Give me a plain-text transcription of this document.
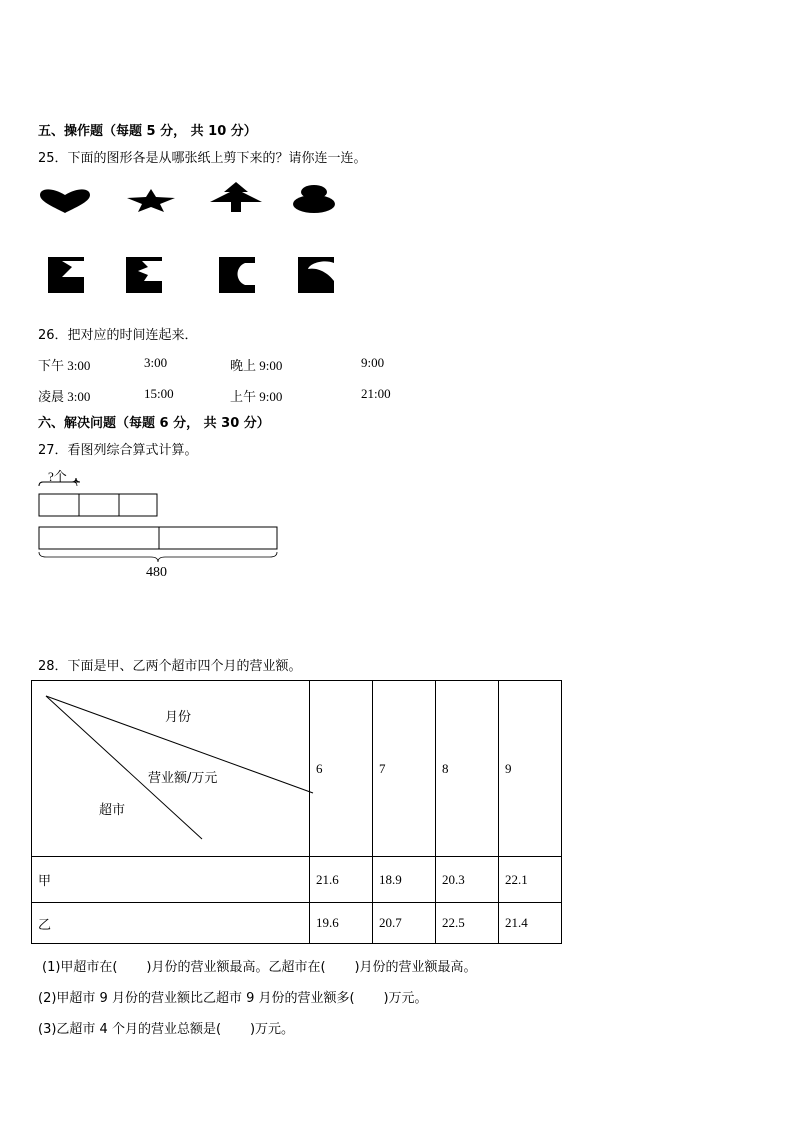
五、操作题（每题 5 分， 共 10 分）
25．下面的图形各是从哪张纸上剪下来的？请你连一连。
26．把对应的时间连起来．
下午 3:00	3:00	晚上 9:00	9:00
凌晨 3:00	15:00	上午 9:00	21:00
六、解决问题（每题 6 分， 共 30 分）
27．看图列综合算式计算。
?个
480
28．下面是甲、乙两个超市四个月的营业额。
月份
营业额/万元
超市	6	7	8	9
甲	21.6	18.9	20.3	22.1
乙	19.6	20.7	22.5	21.4
(1)甲超市在(       )月份的营业额最高。乙超市在(       )月份的营业额最高。
(2)甲超市 9 月份的营业额比乙超市 9 月份的营业额多(       )万元。
(3)乙超市 4 个月的营业总额是(       )万元。
